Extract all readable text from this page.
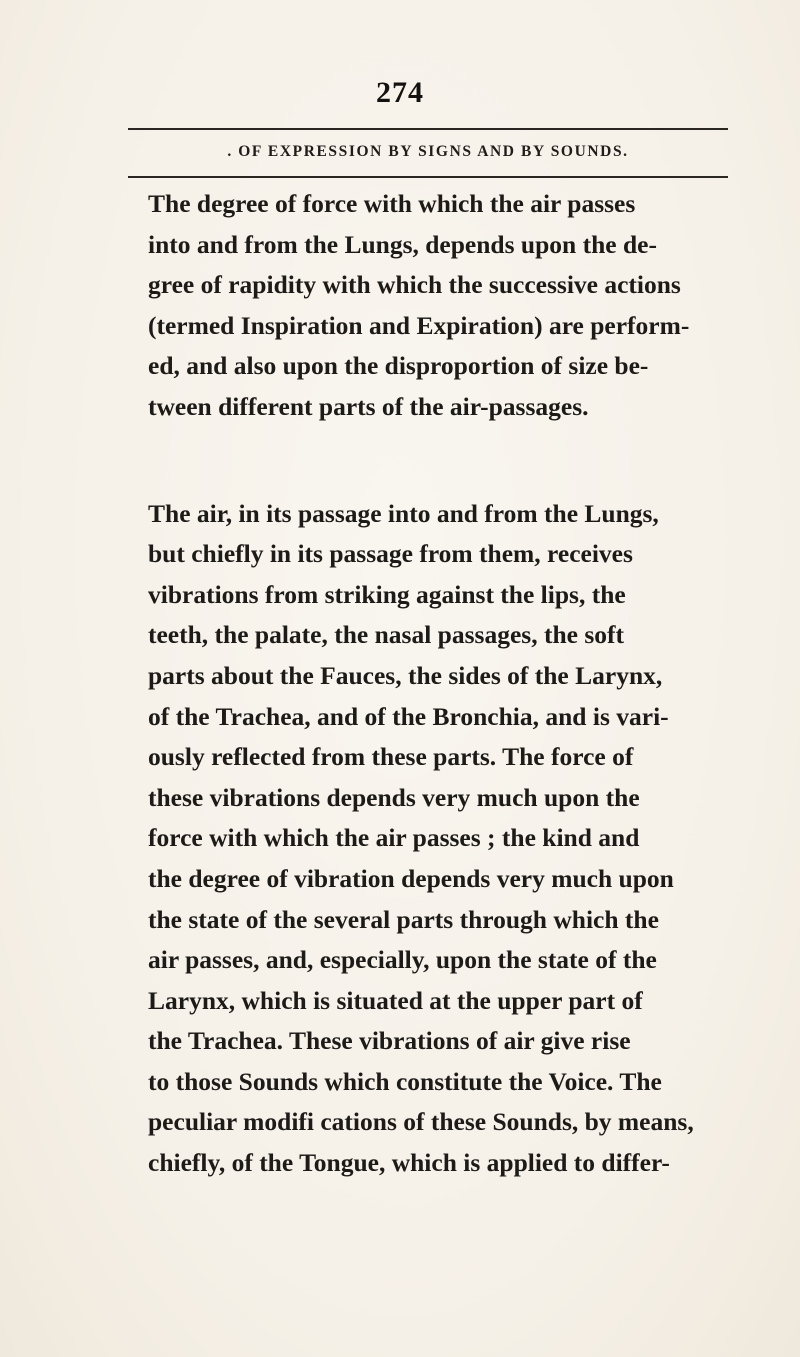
274
. OF EXPRESSION BY SIGNS AND BY SOUNDS.
The degree of force with which the air passes
into and from the Lungs, depends upon the de-
gree of rapidity with which the successive actions
(termed Inspiration and Expiration) are perform-
ed, and also upon the disproportion of size be-
tween different parts of the air-passages.
The air, in its passage into and from the Lungs,
but chiefly in its passage from them, receives
vibrations from striking against the lips, the
teeth, the palate, the nasal passages, the soft
parts about the Fauces, the sides of the Larynx,
of the Trachea, and of the Bronchia, and is vari-
ously reflected from these parts. The force of
these vibrations depends very much upon the
force with which the air passes ; the kind and
the degree of vibration depends very much upon
the state of the several parts through which the
air passes, and, especially, upon the state of the
Larynx, which is situated at the upper part of
the Trachea. These vibrations of air give rise
to those Sounds which constitute the Voice. The
peculiar modifi cations of these Sounds, by means,
chiefly, of the Tongue, which is applied to differ-
